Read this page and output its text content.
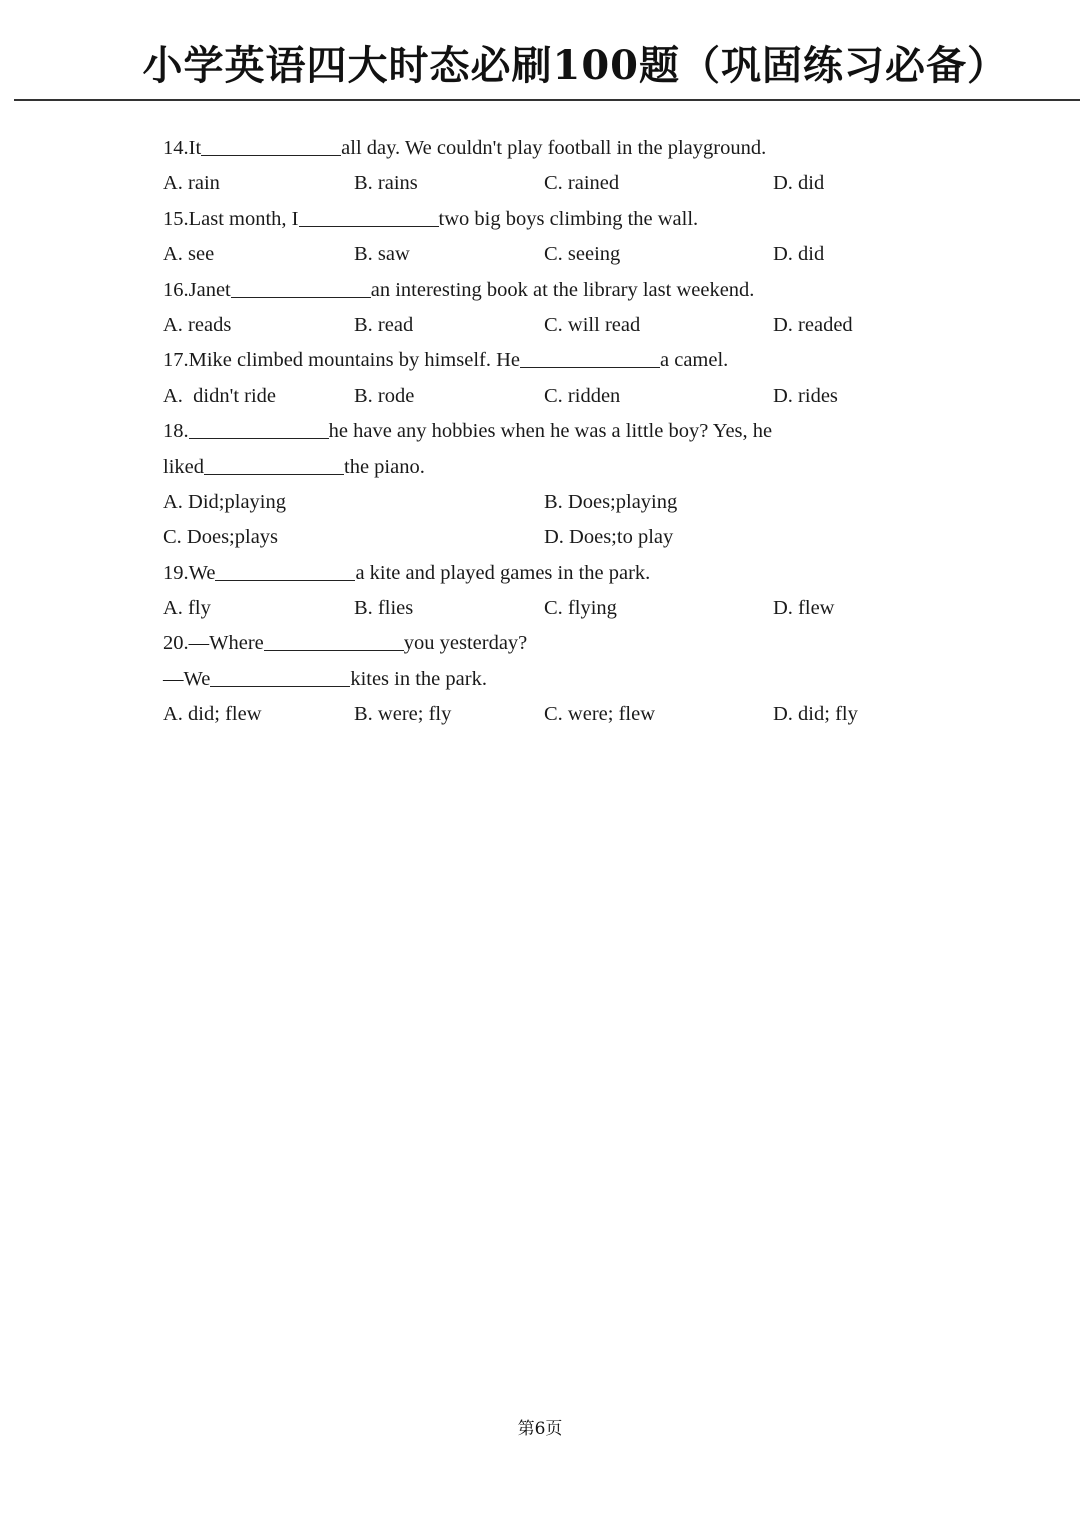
小学英语四大时态必刷100题（巩固练习必备）
14.It	all day. We couldn't play football in the playground.
A. rain	B. rains	C. rained	D. did
15.Last month, I	two big boys climbing the wall.
A. see	B. saw	C. seeing	D. did
16.Janet	an interesting book at the library last weekend.
A. reads	B. read	C. will read	D. readed
17.Mike climbed mountains by himself. He	a camel.
A.  didn't ride	B. rode	C. ridden	D. rides
18.	he have any hobbies when he was a little boy? Yes, he
liked	the piano.
A. Did;playing	B. Does;playing
C. Does;plays	D. Does;to play
19.We	a kite and played games in the park.
A. fly	B. flies	C. flying	D. flew
20.—Where	you yesterday?
—We	kites in the park.
A. did; flew	B. were; fly	C. were; flew	D. did; fly
第6页
